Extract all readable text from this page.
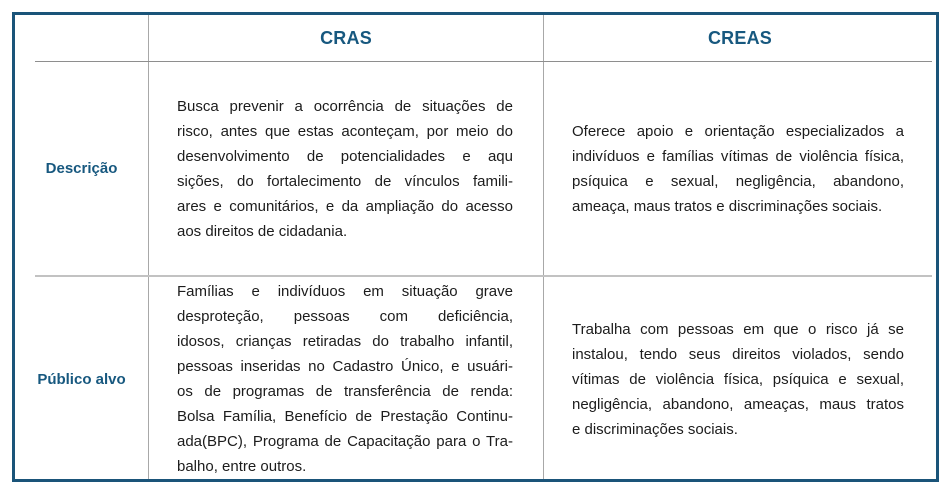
CRAS	CREAS
Descrição
Busca prevenir a ocorrência de situações de
risco, antes que estas aconteçam, por meio do
desenvolvimento de potencialidades e aqu
sições, do fortalecimento de vínculos famili-
ares e comunitários, e da ampliação do acesso
aos direitos de cidadania.
Oferece apoio e orientação especializados a
indivíduos e famílias vítimas de violência física,
psíquica e sexual, negligência, abandono,
ameaça, maus tratos e discriminações sociais.
Público alvo
Famílias e indivíduos em situação grave
desproteção, pessoas com deficiência,
idosos, crianças retiradas do trabalho infantil,
pessoas inseridas no Cadastro Único, e usuári-
os de programas de transferência de renda:
Bolsa Família, Benefício de Prestação Continu-
ada(BPC), Programa de Capacitação para o Tra-
balho, entre outros.
Trabalha com pessoas em que o risco já se
instalou, tendo seus direitos violados, sendo
vítimas de violência física, psíquica e sexual,
negligência, abandono, ameaças, maus tratos
e discriminações sociais.
